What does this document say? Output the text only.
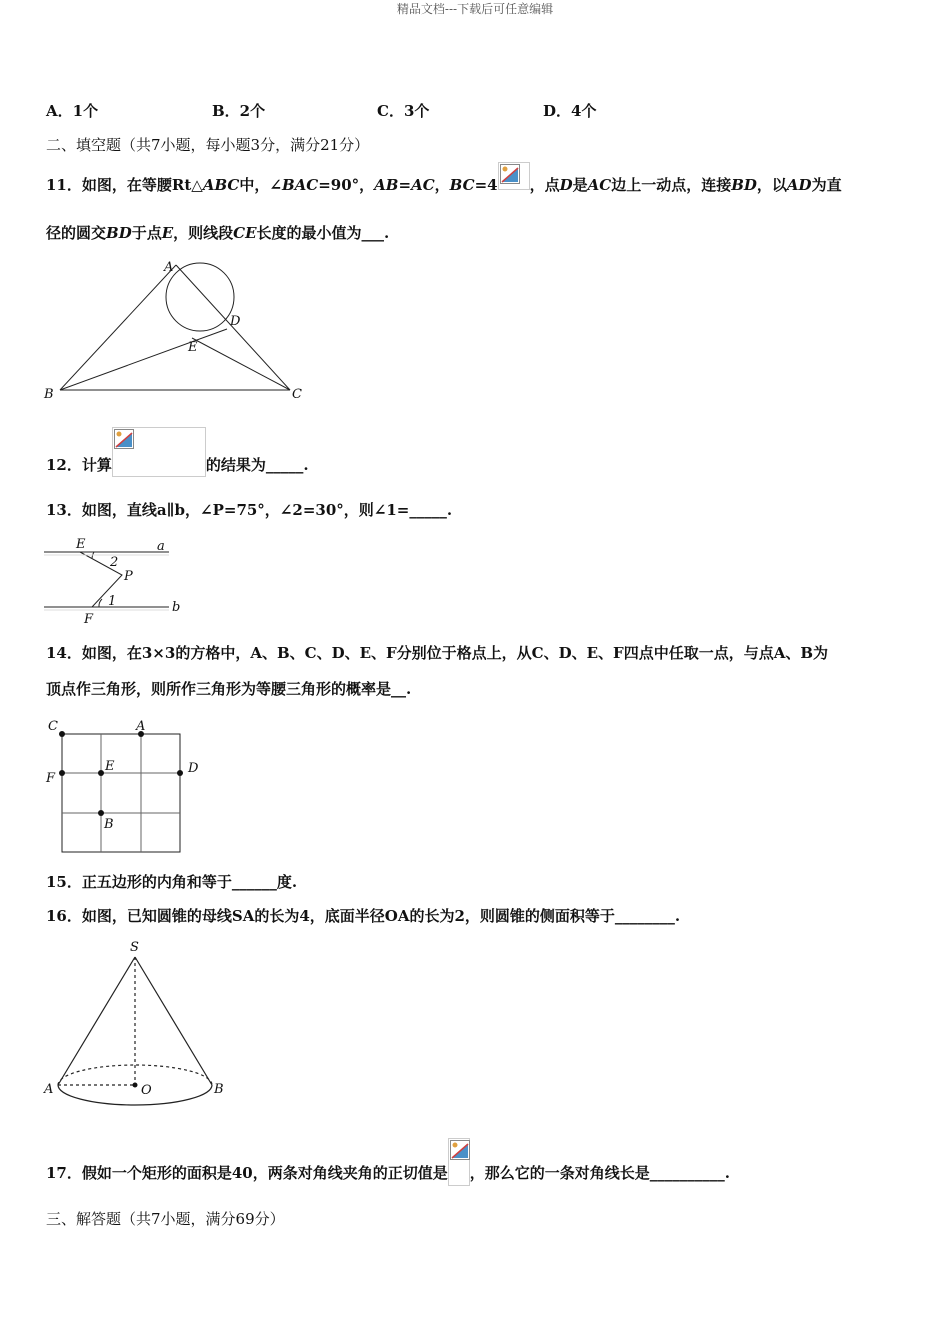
精品文档---下载后可任意编辑
A．1个	B．2个	C．3个	D．4个
二、填空题（共7小题，每小题3分，满分21分）
11．如图，在等腰Rt△ABC中，∠BAC=90°，AB=AC，BC=4 ，点D是AC边上一动点，连接BD，以AD为直
径的圆交BD于点E，则线段CE长度的最小值为___.
A
B	C
D
E
12．计算	的结果为_____.
13．如图，直线a∥b，∠P=75°，∠2=30°，则∠1=_____.
E	a
2
P
1
F
b
14．如图，在3×3的方格中，A、B、C、D、E、F分别位于格点上，从C、D、E、F四点中任取一点，与点A、B为
顶点作三角形，则所作三角形为等腰三角形的概率是__.
C	A
F
E	D
B
15．正五边形的内角和等于______度.
16．如图，已知圆锥的母线SA的长为4，底面半径OA的长为2，则圆锥的侧面积等于________.
S
A	O	B
17．假如一个矩形的面积是40，两条对角线夹角的正切值是 ，那么它的一条对角线长是__________.
三、解答题（共7小题，满分69分）
